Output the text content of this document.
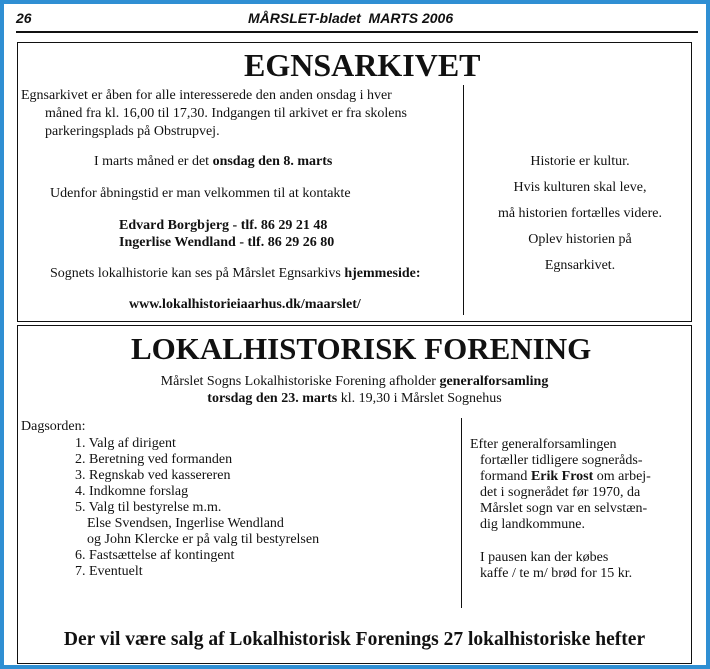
26	MÅRSLET-bladet  MARTS 2006
EGNSARKIVET
Egnsarkivet er åben for alle interesserede den anden onsdag i hver
måned fra kl. 16,00 til 17,30. Indgangen til arkivet er fra skolens
parkeringsplads på Obstrupvej.
I marts måned er det onsdag den 8. marts
Udenfor åbningstid er man velkommen til at kontakte
Edvard Borgbjerg - tlf. 86 29 21 48
Ingerlise Wendland - tlf. 86 29 26 80
Sognets lokalhistorie kan ses på Mårslet Egnsarkivs hjemmeside:
www.lokalhistorieiaarhus.dk/maarslet/
Historie er kultur.
Hvis kulturen skal leve,
må historien fortælles videre.
Oplev historien på
Egnsarkivet.
LOKALHISTORISK FORENING
Mårslet Sogns Lokalhistoriske Forening afholder generalforsamling
torsdag den 23. marts kl. 19,30 i Mårslet Sognehus
Dagsorden:
1. Valg af dirigent
2. Beretning ved formanden
3. Regnskab ved kassereren
4. Indkomne forslag
5. Valg til bestyrelse m.m.
Else Svendsen, Ingerlise Wendland
og John Klercke er på valg til bestyrelsen
6. Fastsættelse af kontingent
7. Eventuelt
Efter generalforsamlingen
fortæller tidligere sogneråds-
formand Erik Frost om arbej-
det i sognerådet før 1970, da
Mårslet sogn var en selvstæn-
dig landkommune.
I pausen kan der købes
kaffe / te m/ brød for 15 kr.
Der vil være salg af Lokalhistorisk Forenings 27 lokalhistoriske hefter
